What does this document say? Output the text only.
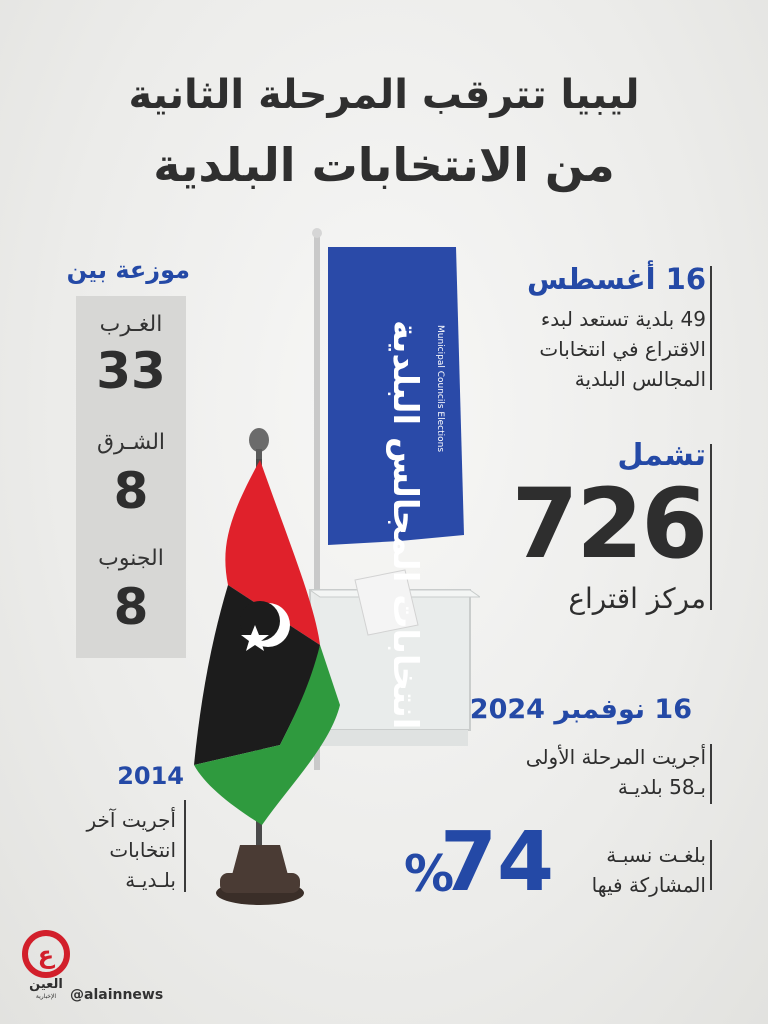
ليبيا تترقب المرحلة الثانية
من الانتخابات البلدية
انتخابات المجالس البلدية Municipal Councils Elections
16 أغسطس
49 بلدية تستعد لبدء
الاقتراع في انتخابات
المجالس البلدية
تشمل
726
مركز اقتراع
16 نوفمبر 2024
أجريت المرحلة الأولى
بـ58 بلديـة
بلغـت نسبـة
المشاركة فيها
74
%
موزعة بين
الغـرب
33
الشـرق
8
الجنوب
8
2014
أجريت آخر
انتخابات
بلـديـة
ع
العين
الإخبارية @alainnews
